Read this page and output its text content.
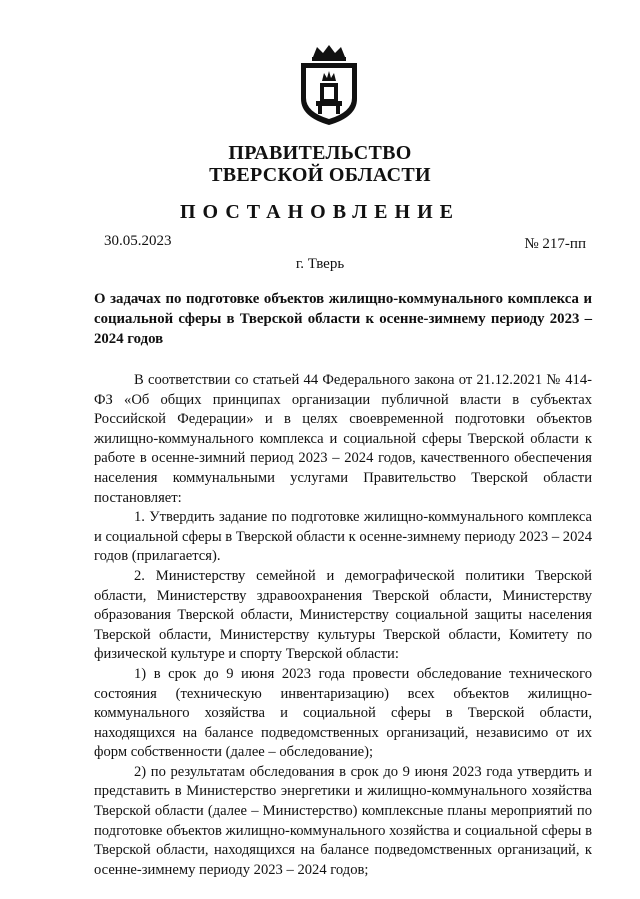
ПРАВИТЕЛЬСТВО
ТВЕРСКОЙ ОБЛАСТИ
ПОСТАНОВЛЕНИЕ
30.05.2023	№ 217-пп
г. Тверь
О задачах по подготовке объектов жилищно-коммунального комплекса и социальной сферы в Тверской области к осенне-зимнему периоду 2023 – 2024 годов

В соответствии со статьей 44 Федерального закона от 21.12.2021 № 414-ФЗ «Об общих принципах организации публичной власти в субъектах Российской Федерации» и в целях своевременной подготовки объектов жилищно-коммунального комплекса и социальной сферы Тверской области к работе в осенне-зимний период 2023 – 2024 годов, качественного обеспечения населения коммунальными услугами Правительство Тверской области постановляет:

1. Утвердить задание по подготовке жилищно-коммунального комплекса и социальной сферы в Тверской области к осенне-зимнему периоду 2023 – 2024 годов (прилагается).

2. Министерству семейной и демографической политики Тверской области, Министерству здравоохранения Тверской области, Министерству образования Тверской области, Министерству социальной защиты населения Тверской области, Министерству культуры Тверской области, Комитету по физической культуре и спорту Тверской области:

1) в срок до 9 июня 2023 года провести обследование технического состояния (техническую инвентаризацию) всех объектов жилищно-коммунального хозяйства и социальной сферы в Тверской области, находящихся на балансе подведомственных организаций, независимо от их форм собственности (далее – обследование);

2) по результатам обследования в срок до 9 июня 2023 года утвердить и представить в Министерство энергетики и жилищно-коммунального хозяйства Тверской области (далее – Министерство) комплексные планы мероприятий по подготовке объектов жилищно-коммунального хозяйства и социальной сферы в Тверской области, находящихся на балансе подведомственных организаций, к осенне-зимнему периоду 2023 – 2024 годов;
